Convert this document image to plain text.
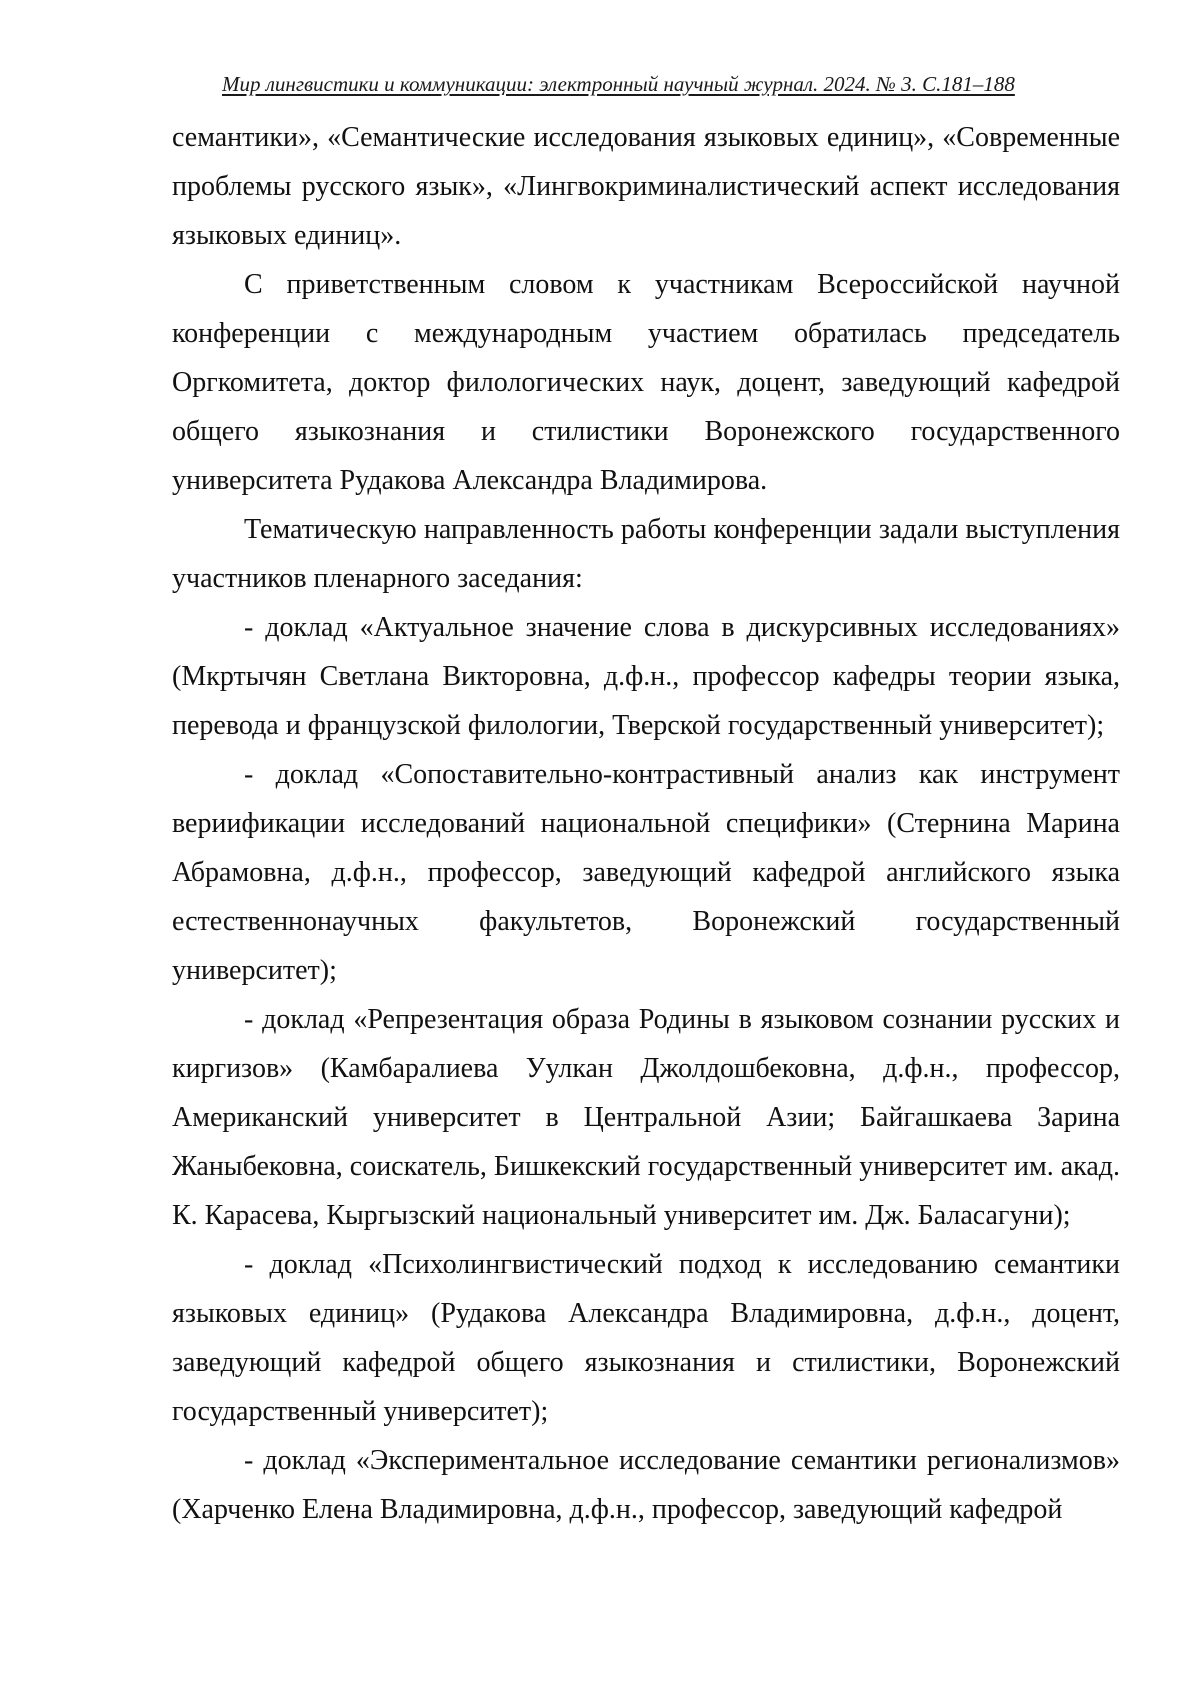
Мир лингвистики и коммуникации: электронный научный журнал. 2024. № 3. С.181–188

семантики», «Семантические исследования языковых единиц», «Современные проблемы русского язык», «Лингвокриминалистический аспект исследования языковых единиц».

С приветственным словом к участникам Всероссийской научной конференции с международным участием обратилась председатель Оргкомитета, доктор филологических наук, доцент, заведующий кафедрой общего языкознания и стилистики Воронежского государственного университета Рудакова Александра Владимирова.

Тематическую направленность работы конференции задали выступления участников пленарного заседания:

- доклад «Актуальное значение слова в дискурсивных исследованиях» (Мкртычян Светлана Викторовна, д.ф.н., профессор кафедры теории языка, перевода и французской филологии, Тверской государственный университет);

- доклад «Сопоставительно-контрастивный анализ как инструмент вериификации исследований национальной специфики» (Стернина Марина Абрамовна, д.ф.н., профессор, заведующий кафедрой английского языка естественнонаучных факультетов, Воронежский государственный университет);

- доклад «Репрезентация образа Родины в языковом сознании русских и киргизов» (Камбаралиева Уулкан Джолдошбековна, д.ф.н., профессор, Американский университет в Центральной Азии; Байгашкаева Зарина Жаныбековна, соискатель, Бишкекский государственный университет им. акад. К. Карасева, Кыргызский национальный университет им. Дж. Баласагуни);

- доклад «Психолингвистический подход к исследованию семантики языковых единиц» (Рудакова Александра Владимировна, д.ф.н., доцент, заведующий кафедрой общего языкознания и стилистики, Воронежский государственный университет);

- доклад «Экспериментальное исследование семантики регионализмов» (Харченко Елена Владимировна, д.ф.н., профессор, заведующий кафедрой
